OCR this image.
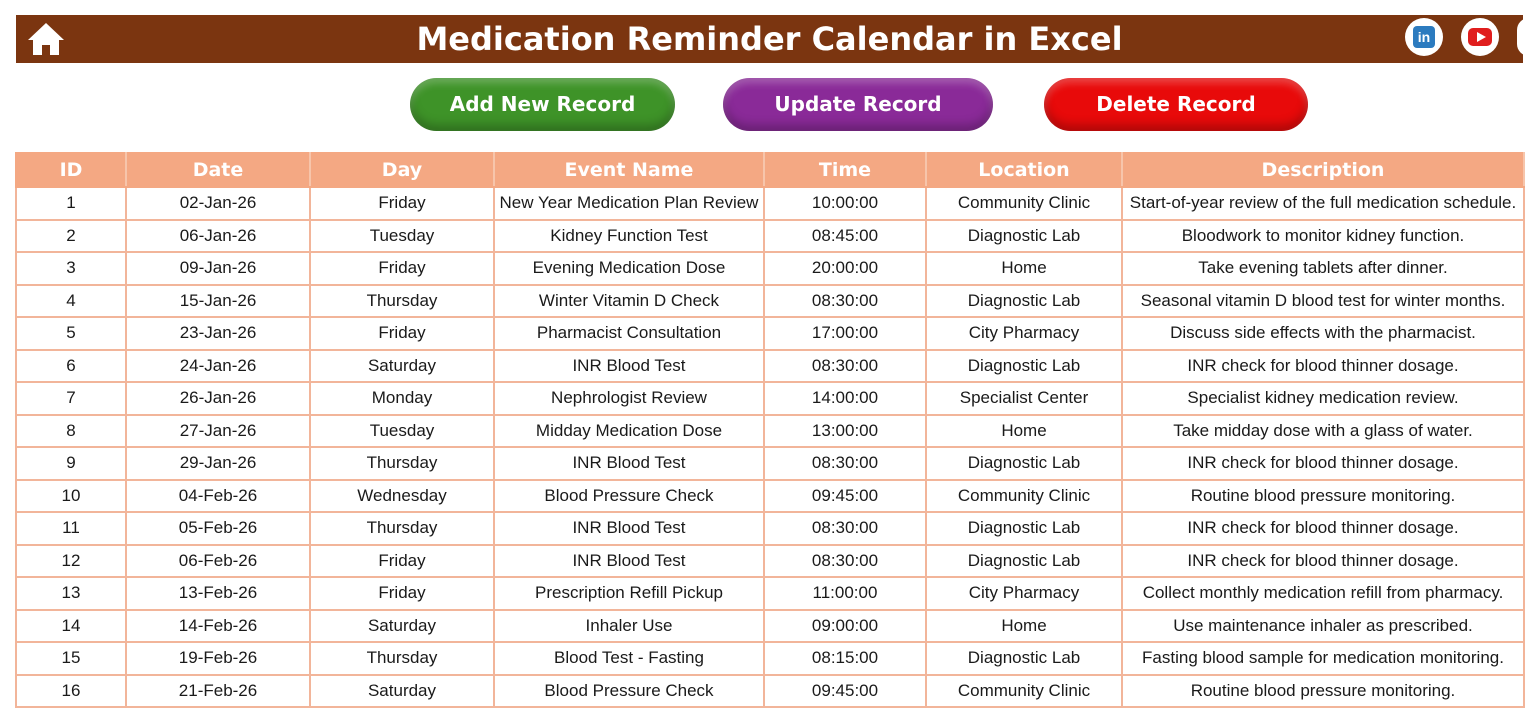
Medication Reminder Calendar in Excel	in
Add New Record	Update Record	Delete Record
ID	Date	Day	Event Name	Time	Location	Description
1	02-Jan-26	Friday	New Year Medication Plan Review	10:00:00	Community Clinic	Start-of-year review of the full medication schedule.
2	06-Jan-26	Tuesday	Kidney Function Test	08:45:00	Diagnostic Lab	Bloodwork to monitor kidney function.
3	09-Jan-26	Friday	Evening Medication Dose	20:00:00	Home	Take evening tablets after dinner.
4	15-Jan-26	Thursday	Winter Vitamin D Check	08:30:00	Diagnostic Lab	Seasonal vitamin D blood test for winter months.
5	23-Jan-26	Friday	Pharmacist Consultation	17:00:00	City Pharmacy	Discuss side effects with the pharmacist.
6	24-Jan-26	Saturday	INR Blood Test	08:30:00	Diagnostic Lab	INR check for blood thinner dosage.
7	26-Jan-26	Monday	Nephrologist Review	14:00:00	Specialist Center	Specialist kidney medication review.
8	27-Jan-26	Tuesday	Midday Medication Dose	13:00:00	Home	Take midday dose with a glass of water.
9	29-Jan-26	Thursday	INR Blood Test	08:30:00	Diagnostic Lab	INR check for blood thinner dosage.
10	04-Feb-26	Wednesday	Blood Pressure Check	09:45:00	Community Clinic	Routine blood pressure monitoring.
11	05-Feb-26	Thursday	INR Blood Test	08:30:00	Diagnostic Lab	INR check for blood thinner dosage.
12	06-Feb-26	Friday	INR Blood Test	08:30:00	Diagnostic Lab	INR check for blood thinner dosage.
13	13-Feb-26	Friday	Prescription Refill Pickup	11:00:00	City Pharmacy	Collect monthly medication refill from pharmacy.
14	14-Feb-26	Saturday	Inhaler Use	09:00:00	Home	Use maintenance inhaler as prescribed.
15	19-Feb-26	Thursday	Blood Test - Fasting	08:15:00	Diagnostic Lab	Fasting blood sample for medication monitoring.
16	21-Feb-26	Saturday	Blood Pressure Check	09:45:00	Community Clinic	Routine blood pressure monitoring.
